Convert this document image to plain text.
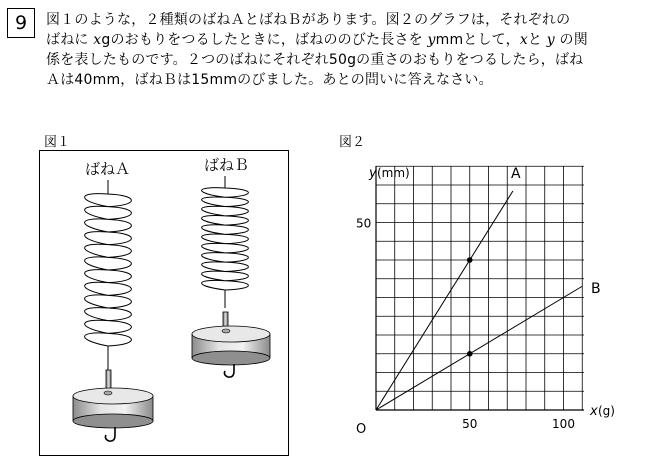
9	図１のような，２種類のばねＡとばねＢがあります。図２のグラフは，それぞれの

ばねに xgのおもりをつるしたときに，ばねののびた長さを ymmとして，xと y の関

係を表したものです。２つのばねにそれぞれ50gの重さのおもりをつるしたら，ばね

Ａは40mm，ばねＢは15mmのびました。あとの問いに答えなさい。

図１
ばねＡ	ばねＢ
図２
A
B
50	100
50
O
y (mm)
x (g)
